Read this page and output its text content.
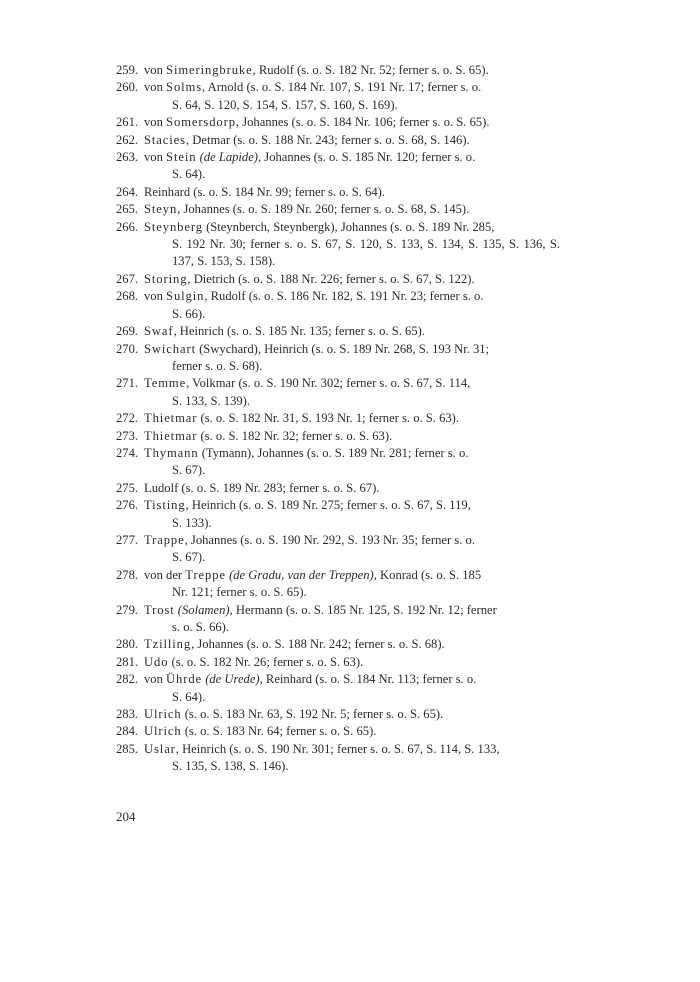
259. von Simeringbruke, Rudolf (s. o. S. 182 Nr. 52; ferner s. o. S. 65).
260. von Solms, Arnold (s. o. S. 184 Nr. 107, S. 191 Nr. 17; ferner s. o.
S. 64, S. 120, S. 154, S. 157, S. 160, S. 169).
261. von Somersdorp, Johannes (s. o. S. 184 Nr. 106; ferner s. o. S. 65).
262. Stacies, Detmar (s. o. S. 188 Nr. 243; ferner s. o. S. 68, S. 146).
263. von Stein (de Lapide), Johannes (s. o. S. 185 Nr. 120; ferner s. o.
S. 64).
264. Reinhard (s. o. S. 184 Nr. 99; ferner s. o. S. 64).
265. Steyn, Johannes (s. o. S. 189 Nr. 260; ferner s. o. S. 68, S. 145).
266. Steynberg (Steynberch, Steynbergk), Johannes (s. o. S. 189 Nr. 285,
S. 192 Nr. 30; ferner s. o. S. 67, S. 120, S. 133, S. 134, S. 135, S. 136, S. 137, S. 153, S. 158).
267. Storing, Dietrich (s. o. S. 188 Nr. 226; ferner s. o. S. 67, S. 122).
268. von Sulgin, Rudolf (s. o. S. 186 Nr. 182, S. 191 Nr. 23; ferner s. o.
S. 66).
269. Swaf, Heinrich (s. o. S. 185 Nr. 135; ferner s. o. S. 65).
270. Swichart (Swychard), Heinrich (s. o. S. 189 Nr. 268, S. 193 Nr. 31;
ferner s. o. S. 68).
271. Temme, Volkmar (s. o. S. 190 Nr. 302; ferner s. o. S. 67, S. 114,
S. 133, S. 139).
272. Thietmar (s. o. S. 182 Nr. 31, S. 193 Nr. 1; ferner s. o. S. 63).
273. Thietmar (s. o. S. 182 Nr. 32; ferner s. o. S. 63).
274. Thymann (Tymann), Johannes (s. o. S. 189 Nr. 281; ferner s. o.
S. 67).
275. Ludolf (s. o. S. 189 Nr. 283; ferner s. o. S. 67).
276. Tisting, Heinrich (s. o. S. 189 Nr. 275; ferner s. o. S. 67, S. 119,
S. 133).
277. Trappe, Johannes (s. o. S. 190 Nr. 292, S. 193 Nr. 35; ferner s. o.
S. 67).
278. von der Treppe (de Gradu, van der Treppen), Konrad (s. o. S. 185
Nr. 121; ferner s. o. S. 65).
279. Trost (Solamen), Hermann (s. o. S. 185 Nr. 125, S. 192 Nr. 12; ferner
s. o. S. 66).
280. Tzilling, Johannes (s. o. S. 188 Nr. 242; ferner s. o. S. 68).
281. Udo (s. o. S. 182 Nr. 26; ferner s. o. S. 63).
282. von Ührde (de Urede), Reinhard (s. o. S. 184 Nr. 113; ferner s. o.
S. 64).
283. Ulrich (s. o. S. 183 Nr. 63, S. 192 Nr. 5; ferner s. o. S. 65).
284. Ulrich (s. o. S. 183 Nr. 64; ferner s. o. S. 65).
285. Uslar, Heinrich (s. o. S. 190 Nr. 301; ferner s. o. S. 67, S. 114, S. 133,
S. 135, S. 138, S. 146).
204
